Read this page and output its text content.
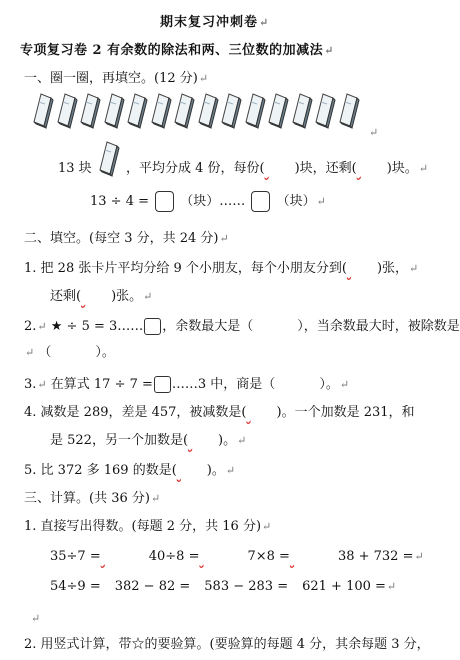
期末复习冲刺卷↵
专项复习卷 2 有余数的除法和两、三位数的加减法↵
一、圈一圈，再填空。(12 分)↵
↵
13 块	，平均分成 4 份，每份( )块，还剩( )块。↵
13 ÷ 4 = （块）…… （块）↵
二、填空。(每空 3 分，共 24 分)↵
1. 把 28 张卡片平均分给 9 个小朋友，每个小朋友分到( )张，↵
还剩( )张。↵
2.↵ ★ ÷ 5 = 3…… ，余数最大是（	），当余数最大时，被除数是
↵ （	）。
3.↵ 在算式 17 ÷ 7 = ……3 中，商是（	）。↵
4. 减数是 289，差是 457，被减数是( )。一个加数是 231，和
是 522，另一个加数是( )。↵
5. 比 372 多 169 的数是( )。↵
三、计算。(共 36 分)↵
1. 直接写出得数。(每题 2 分，共 16 分)↵
35÷7 =	40÷8 =	7×8 =	38 + 732 =↵
54÷9 = 382 − 82 = 583 − 283 = 621 + 100 =↵
↵
2. 用竖式计算，带☆的要验算。(要验算的每题 4 分，其余每题 3 分，
